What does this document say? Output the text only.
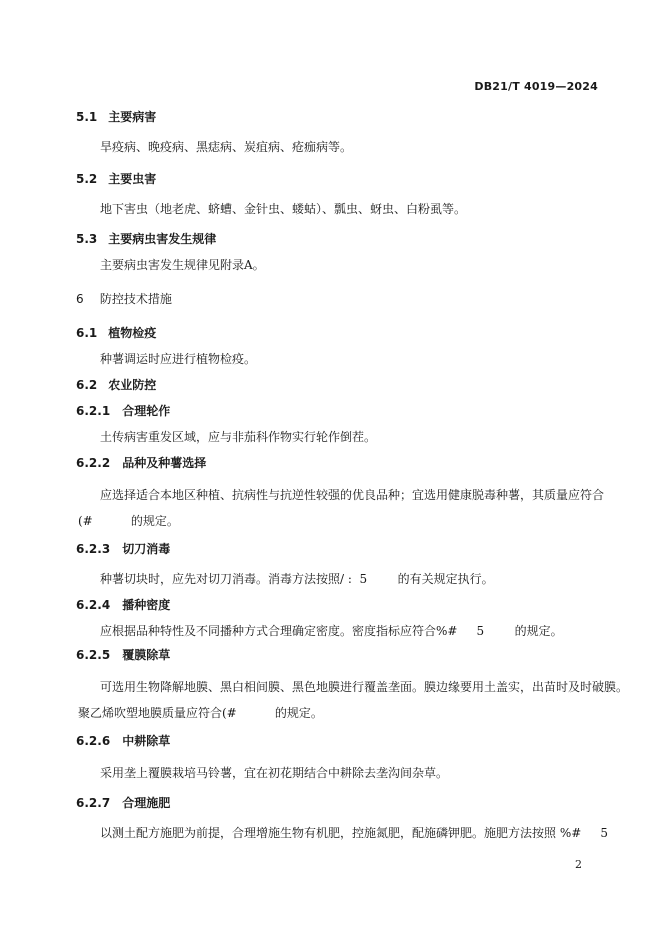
DB21/T 4019—2024
5.1 主要病害
旱疫病、晚疫病、黑痣病、炭疽病、疮痂病等。
5.2 主要虫害
地下害虫（地老虎、蛴螬、金针虫、蝼蛄）、瓢虫、蚜虫、白粉虱等。
5.3 主要病虫害发生规律
主要病虫害发生规律见附录A。
6 防控技术措施
6.1 植物检疫
种薯调运时应进行植物检疫。
6.2 农业防控
6.2.1 合理轮作
土传病害重发区域，应与非茄科作物实行轮作倒茬。
6.2.2 品种及种薯选择
应选择适合本地区种植、抗病性与抗逆性较强的优良品种；宜选用健康脱毒种薯，其质量应符合
(#          的规定。
6.2.3 切刀消毒
种薯切块时，应先对切刀消毒。消毒方法按照/ :  5        的有关规定执行。
6.2.4 播种密度
应根据品种特性及不同播种方式合理确定密度。密度指标应符合%#     5        的规定。
6.2.5 覆膜除草
可选用生物降解地膜、黑白相间膜、黑色地膜进行覆盖垄面。膜边缘要用土盖实，出苗时及时破膜。
聚乙烯吹塑地膜质量应符合(#          的规定。
6.2.6 中耕除草
采用垄上覆膜栽培马铃薯，宜在初花期结合中耕除去垄沟间杂草。
6.2.7 合理施肥
以测土配方施肥为前提，合理增施生物有机肥，控施氮肥，配施磷钾肥。施肥方法按照 %#     5
2
